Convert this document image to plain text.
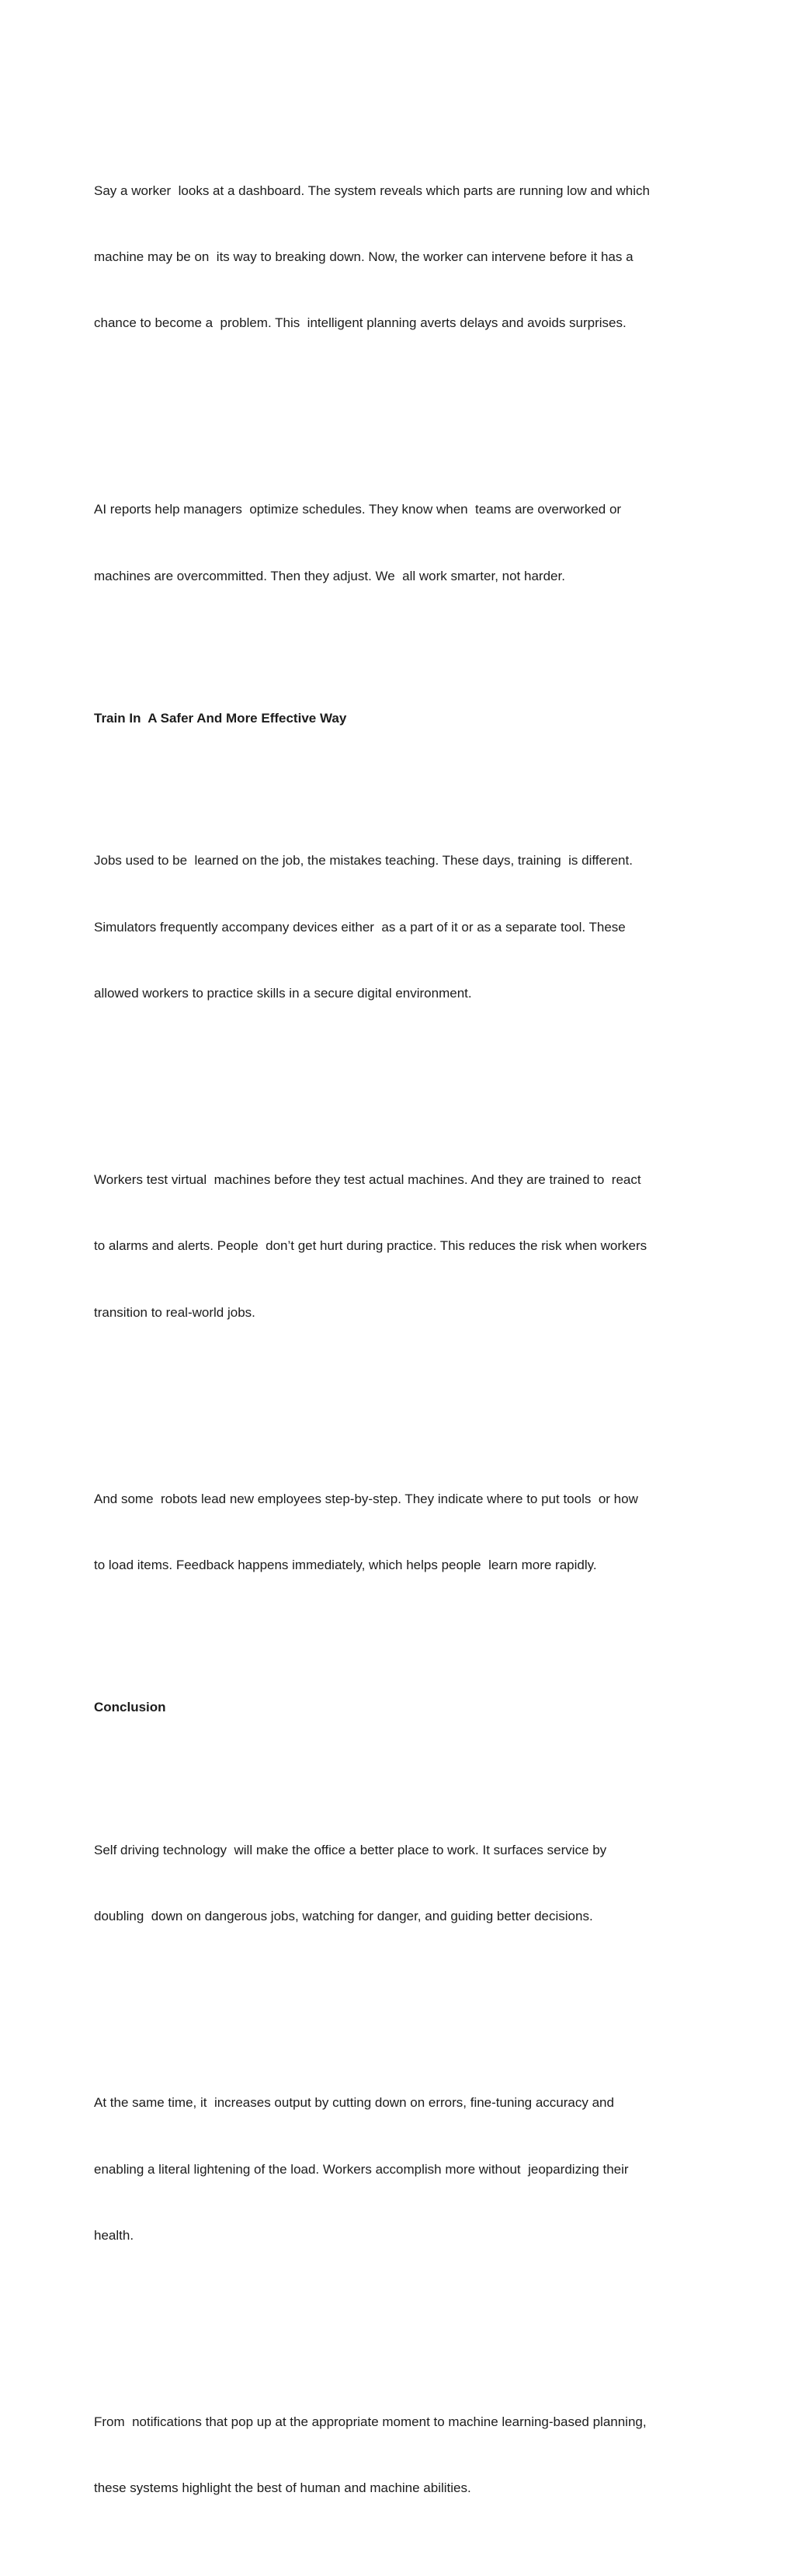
Say a worker  looks at a dashboard. The system reveals which parts are running low and which

machine may be on  its way to breaking down. Now, the worker can intervene before it has a

chance to become a  problem. This  intelligent planning averts delays and avoids surprises.

AI reports help managers  optimize schedules. They know when  teams are overworked or

machines are overcommitted. Then they adjust. We  all work smarter, not harder.

Train In  A Safer And More Effective Way

Jobs used to be  learned on the job, the mistakes teaching. These days, training  is different.

Simulators frequently accompany devices either  as a part of it or as a separate tool. These

allowed workers to practice skills in a secure digital environment.

Workers test virtual  machines before they test actual machines. And they are trained to  react

to alarms and alerts. People  don’t get hurt during practice. This reduces the risk when workers

transition to real-world jobs.

And some  robots lead new employees step-by-step. They indicate where to put tools  or how

to load items. Feedback happens immediately, which helps people  learn more rapidly.

Conclusion

Self driving technology  will make the office a better place to work. It surfaces service by

doubling  down on dangerous jobs, watching for danger, and guiding better decisions.

At the same time, it  increases output by cutting down on errors, fine-tuning accuracy and

enabling a literal lightening of the load. Workers accomplish more without  jeopardizing their

health.

From  notifications that pop up at the appropriate moment to machine learning-based planning,

these systems highlight the best of human and machine abilities.
